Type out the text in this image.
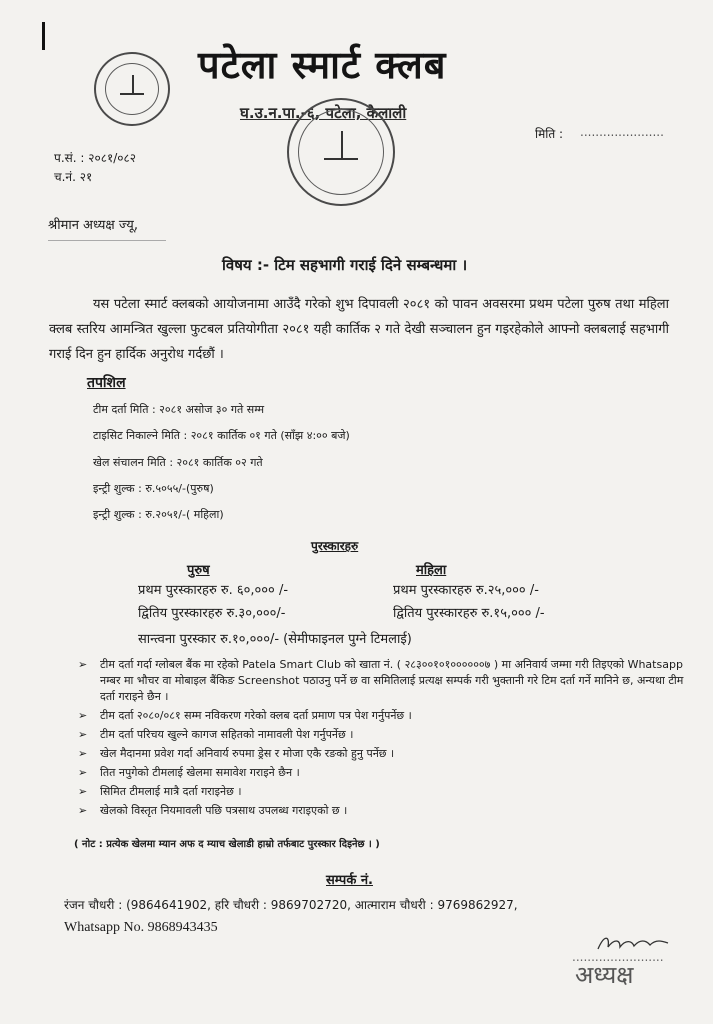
पटेला स्मार्ट क्लब
घ.उ.न.पा.-६, पटेला, कैलाली
मिति : ......................
प.सं. : २०८१/०८२
च.नं. २१
श्रीमान अध्यक्ष ज्यू,
विषय :- टिम सहभागी गराई दिने सम्बन्धमा ।
यस पटेला स्मार्ट क्लबको आयोजनामा आउँदै गरेको शुभ दिपावली २०८१ को पावन अवसरमा प्रथम पटेला पुरुष तथा महिला क्लब स्तरिय आमन्त्रित खुल्ला फुटबल प्रतियोगीता २०८१ यही कार्तिक २ गते देखी सञ्चालन हुन गइरहेकोले आफ्नो क्लबलाई सहभागी गराई दिन हुन हार्दिक अनुरोध गर्दछौं ।
तपशिल
टीम दर्ता मिति : २०८१ असोज ३० गते सम्म
टाइसिट निकाल्ने मिति : २०८१ कार्तिक ०१ गते (साँझ ४:०० बजे)
खेल संचालन मिति : २०८१ कार्तिक ०२ गते
इन्ट्री शुल्क : रु.५०५५/-(पुरुष)
इन्ट्री शुल्क : रु.२०५१/-( महिला)
पुरस्कारहरु
पुरुष
प्रथम पुरस्कारहरु रु. ६०,००० /-
द्वितिय पुरस्कारहरु रु.३०,०००/-
महिला
प्रथम पुरस्कारहरु रु.२५,००० /-
द्वितिय पुरस्कारहरु रु.१५,००० /-
सान्त्वना पुरस्कार रु.१०,०००/- (सेमीफाइनल पुग्ने टिमलाई)
➢ टीम दर्ता गर्दा ग्लोबल बैंक मा रहेको Patela Smart Club को खाता नं. ( २८३००१०१००००००७ ) मा अनिवार्य जम्मा गरी तिइएको Whatsapp नम्बर मा भौचर वा मोबाइल बैंकिङ Screenshot पठाउनु पर्ने छ वा समितिलाई प्रत्यक्ष सम्पर्क गरी भुक्तानी गरे टिम दर्ता गर्ने मानिने छ, अन्यथा टीम दर्ता गराइने छैन ।
➢ टीम दर्ता २०८०/०८१ सम्म नविकरण गरेको क्लब दर्ता प्रमाण पत्र पेश गर्नुपर्नेछ ।
➢ टीम दर्ता परिचय खुल्ने कागज सहितको नामावली पेश गर्नुपर्नेछ ।
➢ खेल मैदानमा प्रवेश गर्दा अनिवार्य रुपमा ड्रेस र मोजा एकै रङको हुनु पर्नेछ ।
➢ तित नपुगेको टीमलाई खेलमा समावेश गराइने छैन ।
➢ सिमित टीमलाई मात्रै दर्ता गराइनेछ ।
➢ खेलको विस्तृत नियमावली पछि पत्रसाथ उपलब्ध गराइएको छ ।
( नोट : प्रत्येक खेलमा म्यान अफ द म्याच खेलाडी हाम्रो तर्फबाट पुरस्कार दिइनेछ । )
सम्पर्क नं.
रंजन चौधरी : (9864641902, हरि चौधरी : 9869702720, आत्माराम चौधरी : 9769862927,
Whatsapp No. 9868943435
........................
अध्यक्ष
